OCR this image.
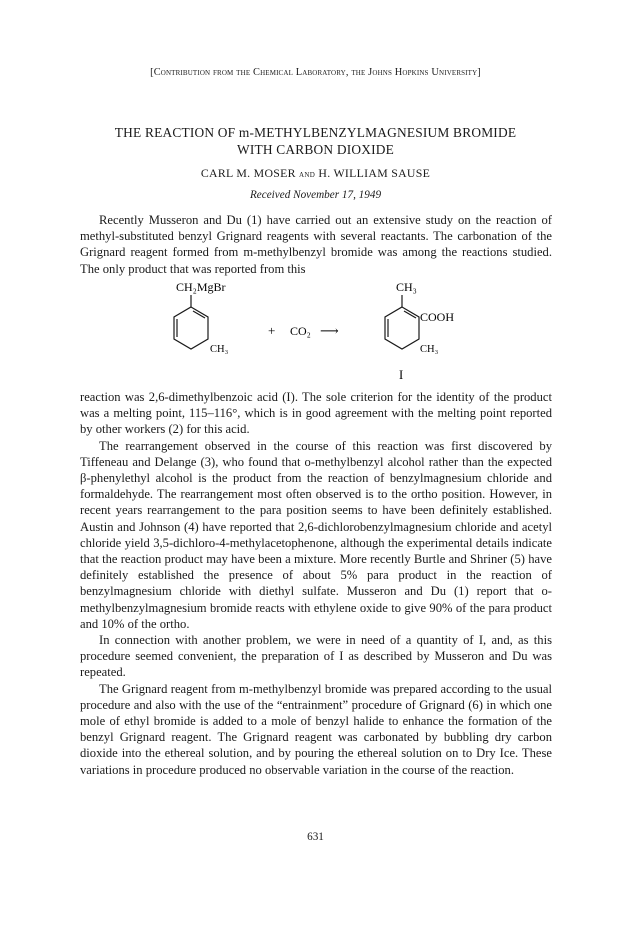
[Contribution from the Chemical Laboratory, the Johns Hopkins University]
THE REACTION OF m-METHYLBENZYLMAGNESIUM BROMIDE
WITH CARBON DIOXIDE
CARL M. MOSER and H. WILLIAM SAUSE
Received November 17, 1949

Recently Musseron and Du (1) have carried out an extensive study on the reaction of methyl-substituted benzyl Grignard reagents with several reactants. The carbonation of the Grignard reagent formed from m-methylbenzyl bromide was among the reactions studied. The only product that was reported from this

CH₂MgBr
CH₃
+ CO₂ ⟶
CH₃
COOH
CH₃
I

reaction was 2,6-dimethylbenzoic acid (I). The sole criterion for the identity of the product was a melting point, 115–116°, which is in good agreement with the melting point reported by other workers (2) for this acid.

The rearrangement observed in the course of this reaction was first discovered by Tiffeneau and Delange (3), who found that o-methylbenzyl alcohol rather than the expected β-phenylethyl alcohol is the product from the reaction of benzylmagnesium chloride and formaldehyde. The rearrangement most often observed is to the ortho position. However, in recent years rearrangement to the para position seems to have been definitely established. Austin and Johnson (4) have reported that 2,6-dichlorobenzylmagnesium chloride and acetyl chloride yield 3,5-dichloro-4-methylacetophenone, although the experimental details indicate that the reaction product may have been a mixture. More recently Burtle and Shriner (5) have definitely established the presence of about 5% para product in the reaction of benzylmagnesium chloride with diethyl sulfate. Musseron and Du (1) report that o-methylbenzylmagnesium bromide reacts with ethylene oxide to give 90% of the para product and 10% of the ortho.

In connection with another problem, we were in need of a quantity of I, and, as this procedure seemed convenient, the preparation of I as described by Musseron and Du was repeated.

The Grignard reagent from m-methylbenzyl bromide was prepared according to the usual procedure and also with the use of the “entrainment” procedure of Grignard (6) in which one mole of ethyl bromide is added to a mole of benzyl halide to enhance the formation of the benzyl Grignard reagent. The Grignard reagent was carbonated by bubbling dry carbon dioxide into the ethereal solution, and by pouring the ethereal solution on to Dry Ice. These variations in procedure produced no observable variation in the course of the reaction.

631
